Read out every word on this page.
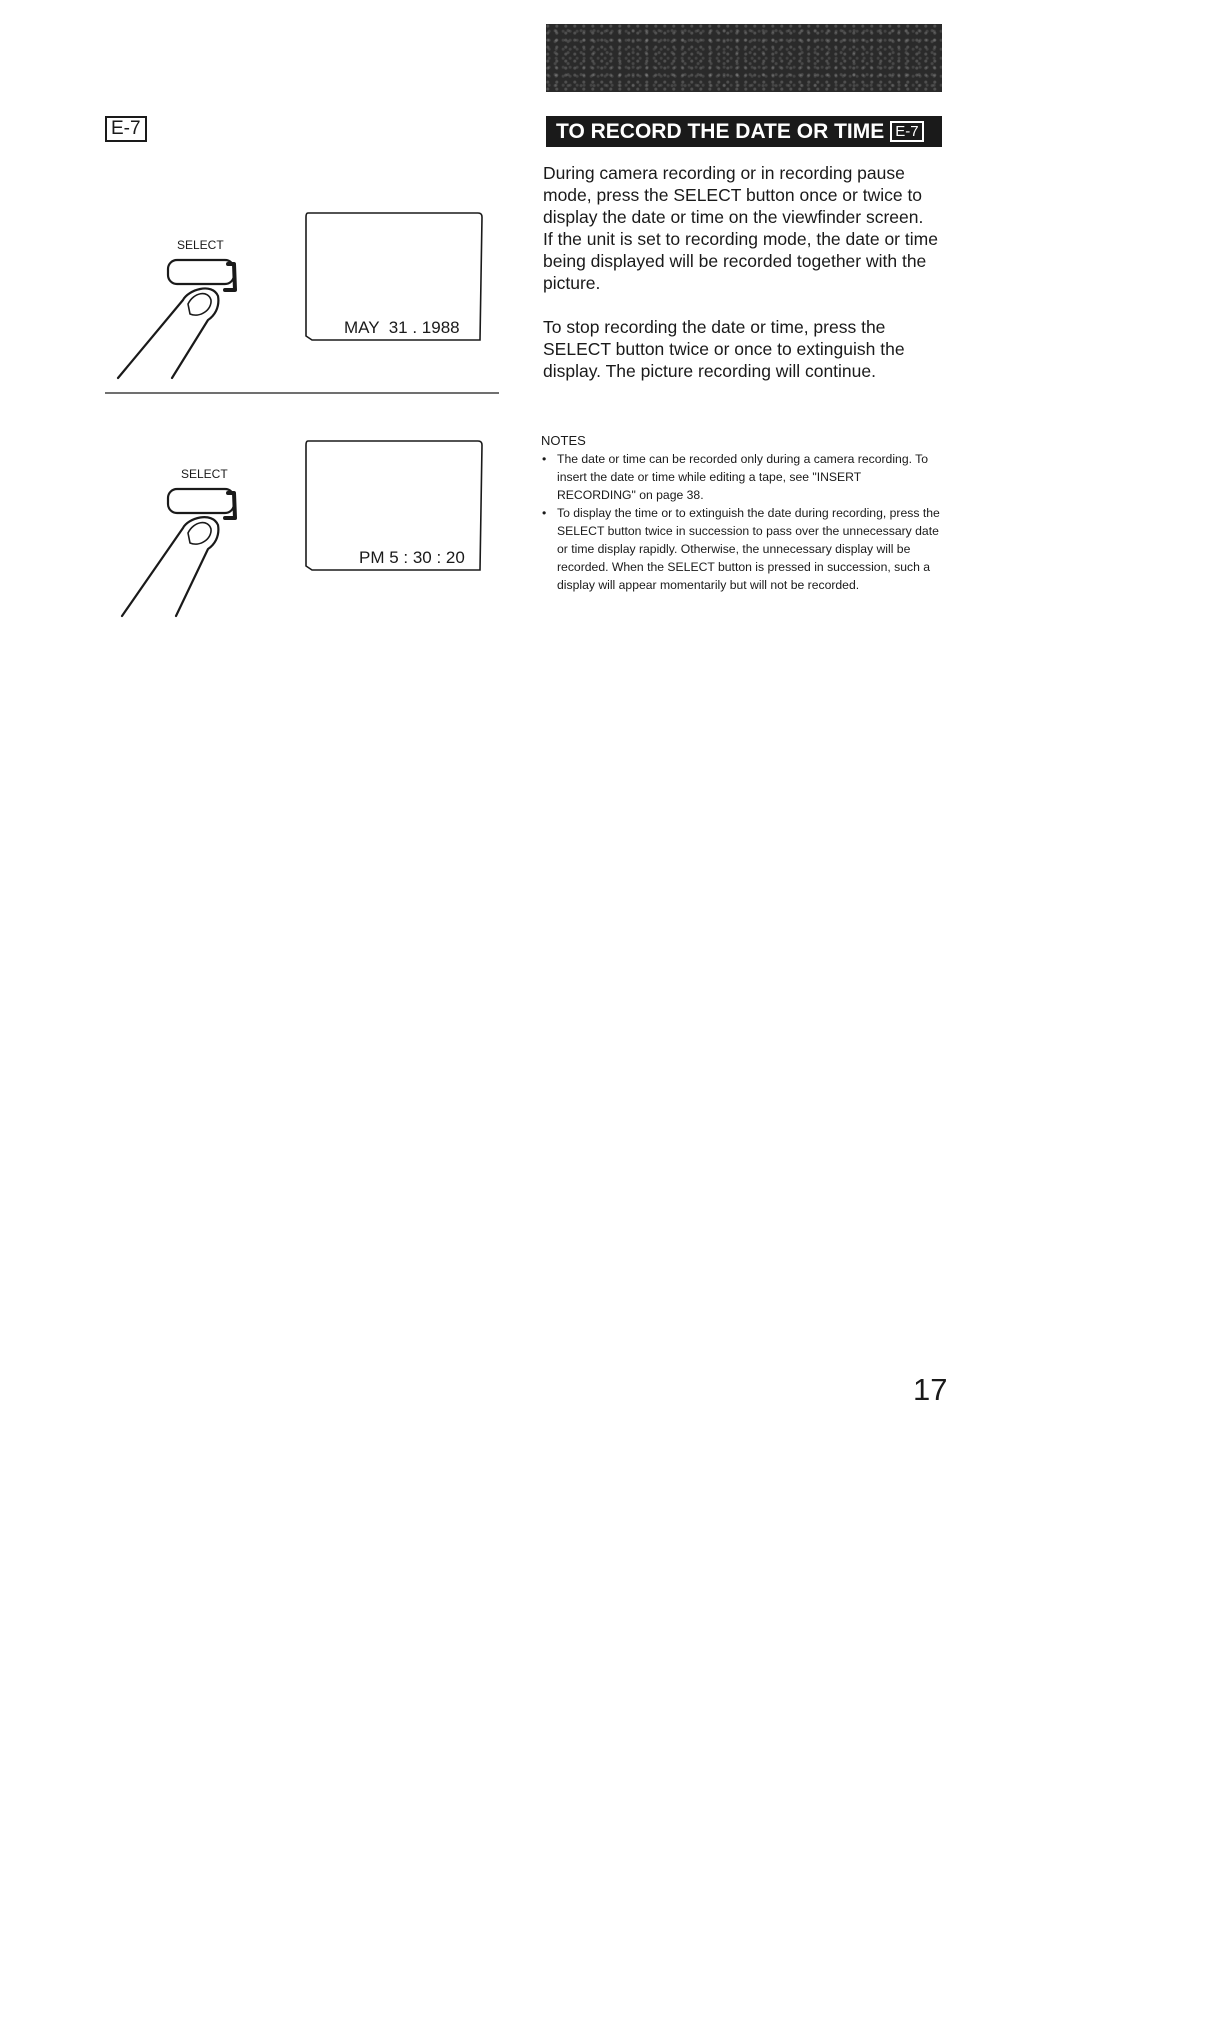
E-7	TO RECORD THE DATE OR TIME E-7

During camera recording or in recording pause mode, press the SELECT button once or twice to display the date or time on the viewfinder screen.

If the unit is set to recording mode, the date or time being displayed will be recorded together with the picture.

To stop recording the date or time, press the SELECT button twice or once to extinguish the display. The picture recording will continue.

NOTES
• The date or time can be recorded only during a camera recording. To insert the date or time while editing a tape, see "INSERT RECORDING" on page 38.
• To display the time or to extinguish the date during recording, press the SELECT button twice in succession to pass over the unnecessary date or time display rapidly. Otherwise, the unnecessary display will be recorded. When the SELECT button is pressed in succession, such a display will appear momentarily but will not be recorded.
SELECT
MAY  31 . 1988
SELECT
PM 5 : 30 : 20
17
